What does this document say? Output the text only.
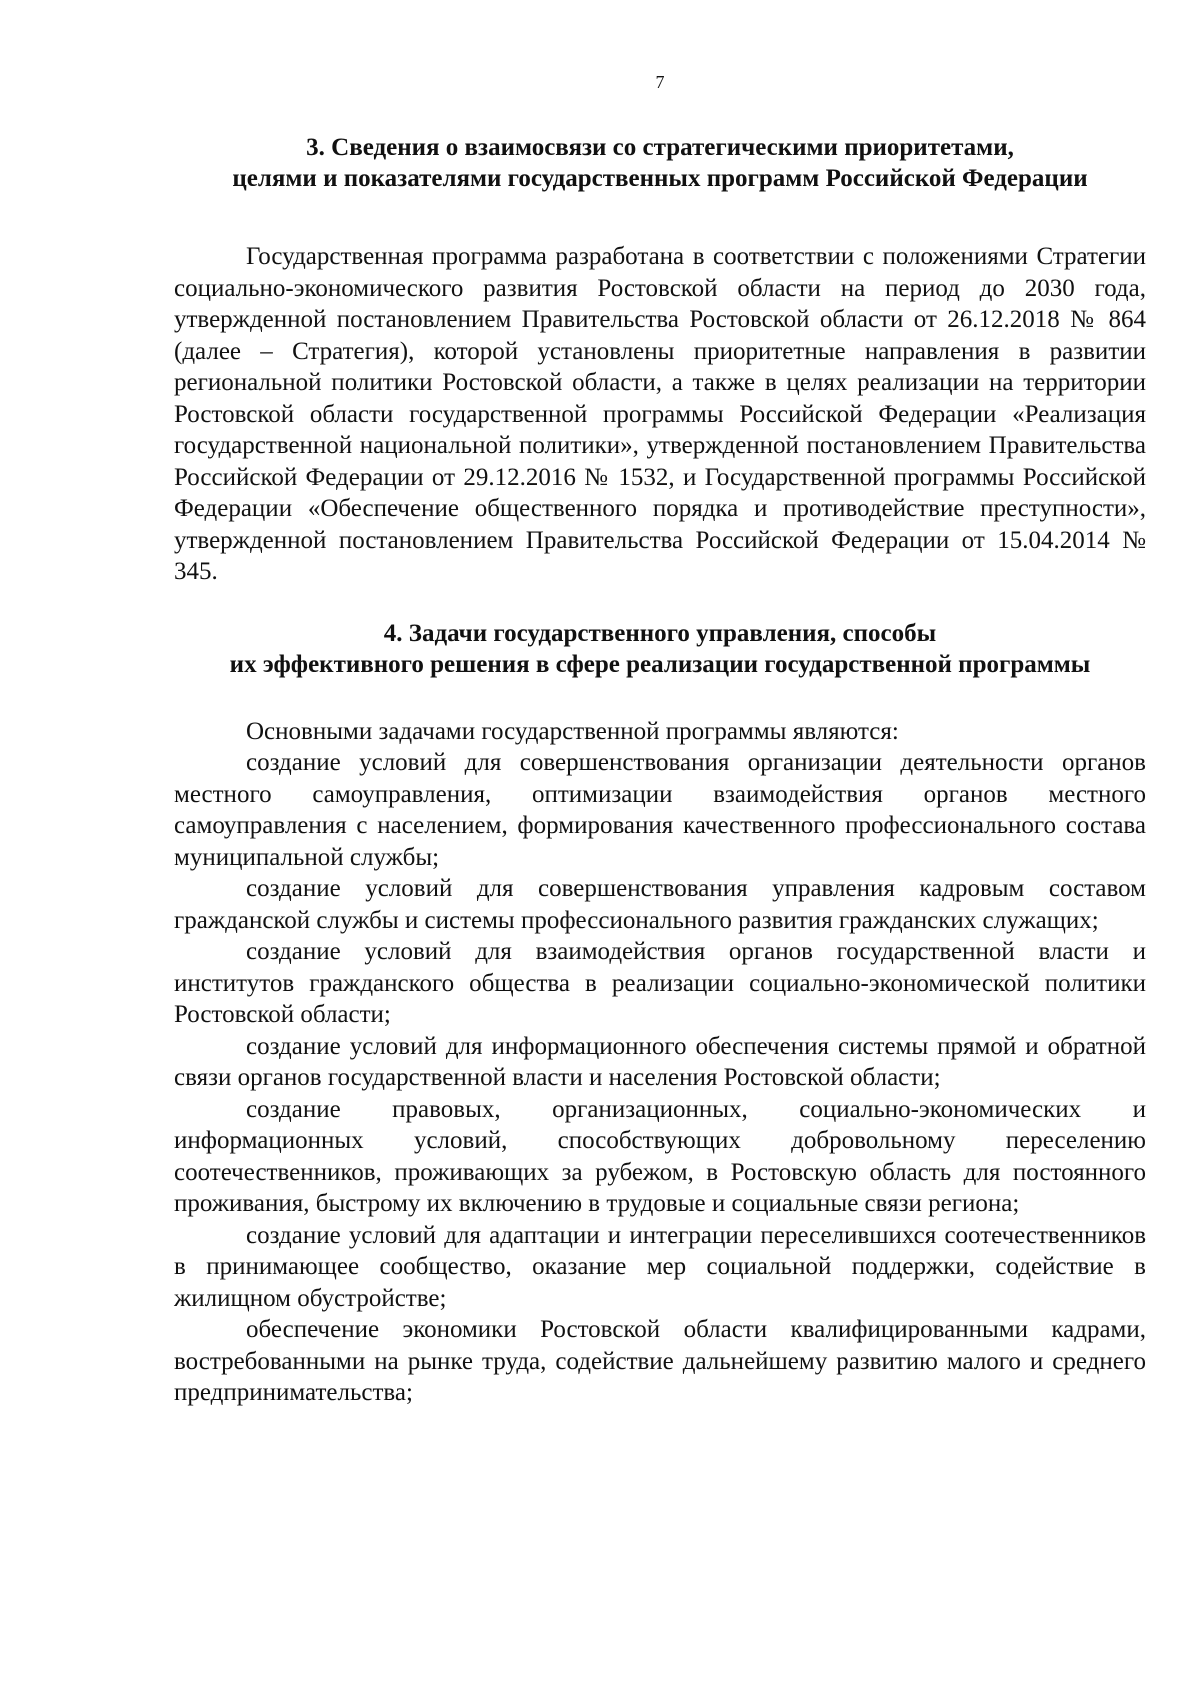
7
3. Сведения о взаимосвязи со стратегическими приоритетами,
целями и показателями государственных программ Российской Федерации

Государственная программа разработана в соответствии с положениями Стратегии социально-экономического развития Ростовской области на период до 2030 года, утвержденной постановлением Правительства Ростовской области от 26.12.2018 № 864 (далее – Стратегия), которой установлены приоритетные направления в развитии региональной политики Ростовской области, а также в целях реализации на территории Ростовской области государственной программы Российской Федерации «Реализация государственной национальной политики», утвержденной постановлением Правительства Российской Федерации от 29.12.2016 № 1532, и Государственной программы Российской Федерации «Обеспечение общественного порядка и противодействие преступности», утвержденной постановлением Правительства Российской Федерации от 15.04.2014 № 345.

4. Задачи государственного управления, способы
их эффективного решения в сфере реализации государственной программы

Основными задачами государственной программы являются:

создание условий для совершенствования организации деятельности органов местного самоуправления, оптимизации взаимодействия органов местного самоуправления с населением, формирования качественного профессионального состава муниципальной службы;
создание условий для совершенствования управления кадровым составом гражданской службы и системы профессионального развития гражданских служащих;
создание условий для взаимодействия органов государственной власти и институтов гражданского общества в реализации социально-экономической политики Ростовской области;
создание условий для информационного обеспечения системы прямой и обратной связи органов государственной власти и населения Ростовской области;
создание правовых, организационных, социально-экономических и информационных условий, способствующих добровольному переселению соотечественников, проживающих за рубежом, в Ростовскую область для постоянного проживания, быстрому их включению в трудовые и социальные связи региона;
создание условий для адаптации и интеграции переселившихся соотечественников в принимающее сообщество, оказание мер социальной поддержки, содействие в жилищном обустройстве;
обеспечение экономики Ростовской области квалифицированными кадрами, востребованными на рынке труда, содействие дальнейшему развитию малого и среднего предпринимательства;
